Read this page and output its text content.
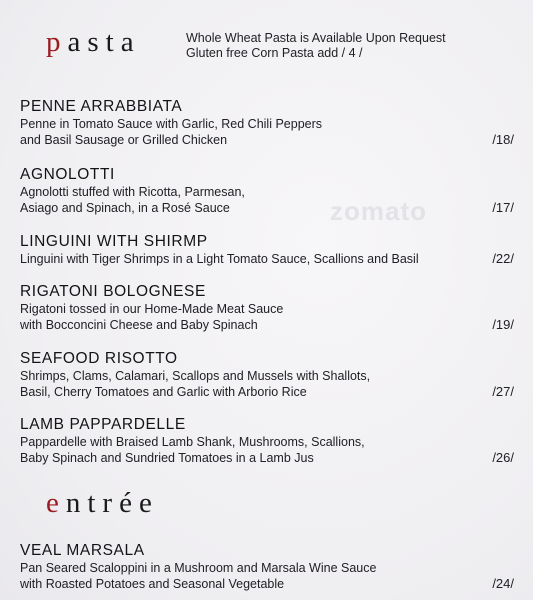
pasta	Whole Wheat Pasta is Available Upon Request
Gluten free Corn Pasta add / 4 /
zomato
PENNE ARRABBIATA
Penne in Tomato Sauce with Garlic, Red Chili Peppers
and Basil Sausage or Grilled Chicken	/18/
AGNOLOTTI
Agnolotti stuffed with Ricotta, Parmesan,
Asiago and Spinach, in a Rosé Sauce	/17/
LINGUINI WITH SHIRMP
Linguini with Tiger Shrimps in a Light Tomato Sauce, Scallions and Basil	/22/
RIGATONI BOLOGNESE
Rigatoni tossed in our Home-Made Meat Sauce
with Bocconcini Cheese and Baby Spinach	/19/
SEAFOOD RISOTTO
Shrimps, Clams, Calamari, Scallops and Mussels with Shallots,
Basil, Cherry Tomatoes and Garlic with Arborio Rice	/27/
LAMB PAPPARDELLE
Pappardelle with Braised Lamb Shank, Mushrooms, Scallions,
Baby Spinach and Sundried Tomatoes in a Lamb Jus	/26/
entrée
VEAL MARSALA
Pan Seared Scaloppini in a Mushroom and Marsala Wine Sauce
with Roasted Potatoes and Seasonal Vegetable	/24/
